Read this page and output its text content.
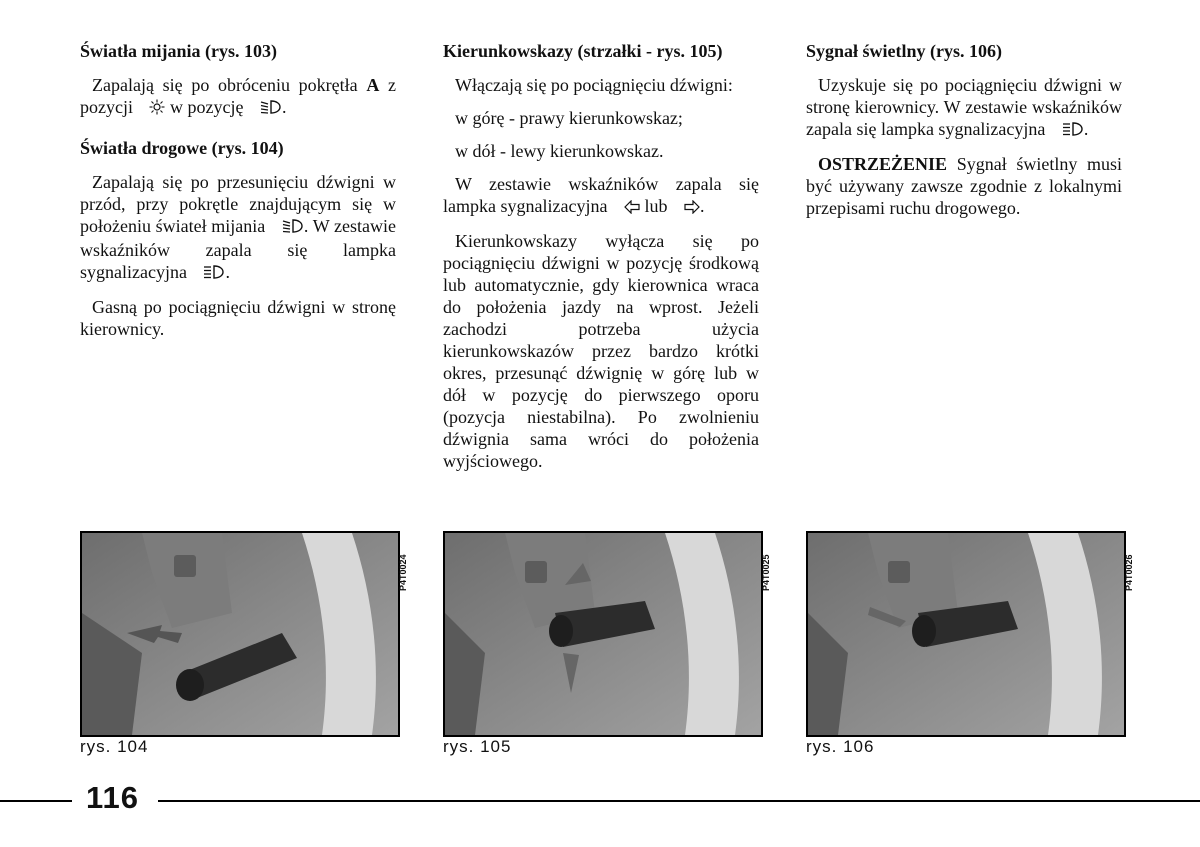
Światła mijania (rys. 103)
Zapalają się po obróceniu pokrętła A z pozycji  w pozycję .
Światła drogowe (rys. 104)
Zapalają się po przesunięciu dźwigni w przód, przy pokrętle znajdującym się w położeniu świateł mijania . W zestawie wskaźników zapala się lampka sygnalizacyjna .
Gasną po pociągnięciu dźwigni w stronę kierownicy.
Kierunkowskazy (strzałki - rys. 105)
Włączają się po pociągnięciu dźwigni:
w górę - prawy kierunkowskaz;
w dół - lewy kierunkowskaz.
W zestawie wskaźników zapala się lampka sygnalizacyjna  lub .
Kierunkowskazy wyłącza się po pociągnięciu dźwigni w pozycję środkową lub automatycznie, gdy kierownica wraca do położenia jazdy na wprost. Jeżeli zachodzi potrzeba użycia kierunkowskazów przez bardzo krótki okres, przesunąć dźwignię w górę lub w dół w pozycję do pierwszego oporu (pozycja niestabilna). Po zwolnieniu dźwignia sama wróci do położenia wyjściowego.
Sygnał świetlny (rys. 106)
Uzyskuje się po pociągnięciu dźwigni w stronę kierownicy. W zestawie wskaźników zapala się lampka sygnalizacyjna .
OSTRZEŻENIE Sygnał świetlny musi być używany zawsze zgodnie z lokalnymi przepisami ruchu drogowego.
P4T0024	P4T0025	P4T0026
rys. 104	rys. 105	rys. 106
116
